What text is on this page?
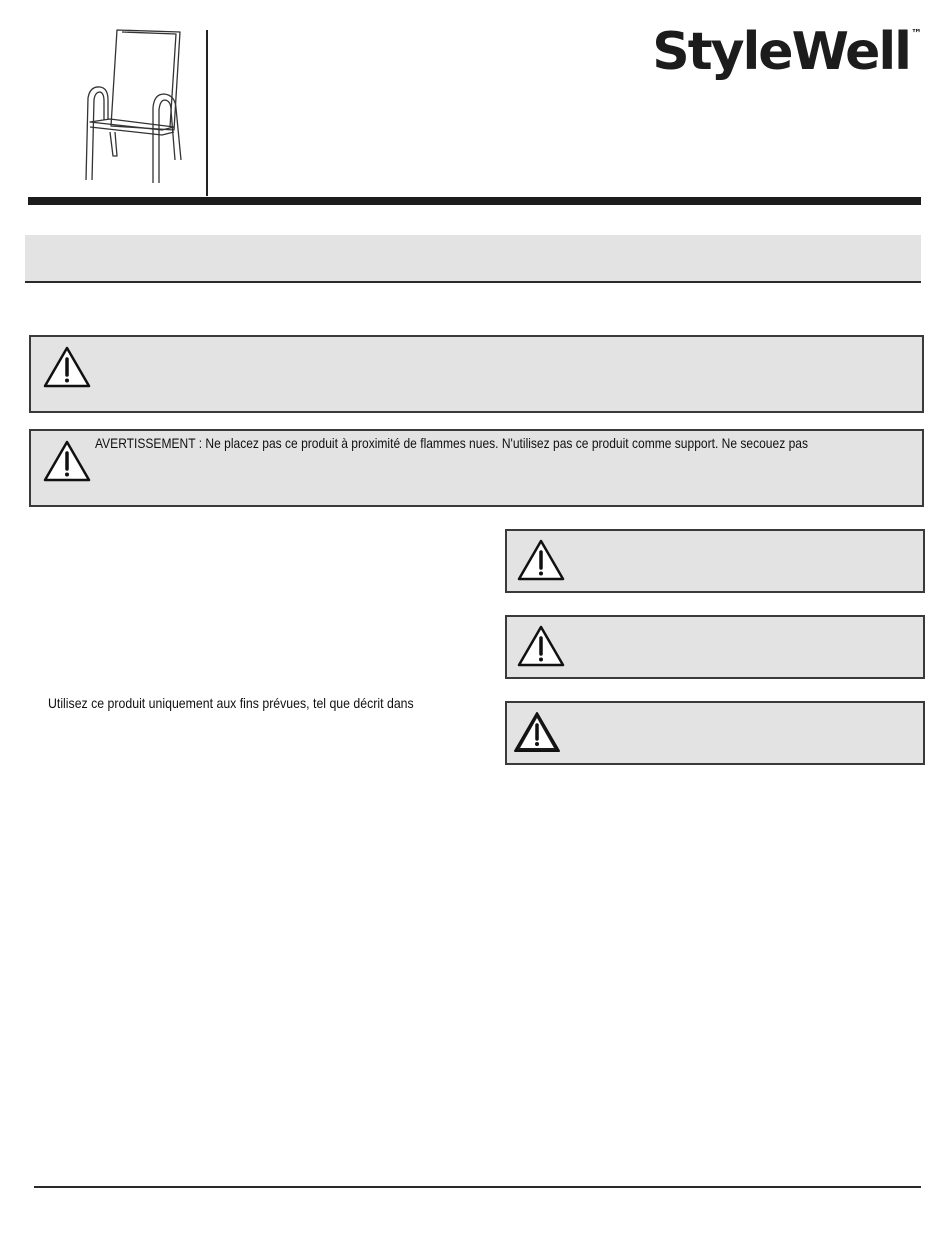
StyleWell™
AVERTISSEMENT : Ne placez pas ce produit à proximité de flammes nues. N'utilisez pas ce produit comme support. Ne secouez pas
Utilisez ce produit uniquement aux fins prévues, tel que décrit dans
